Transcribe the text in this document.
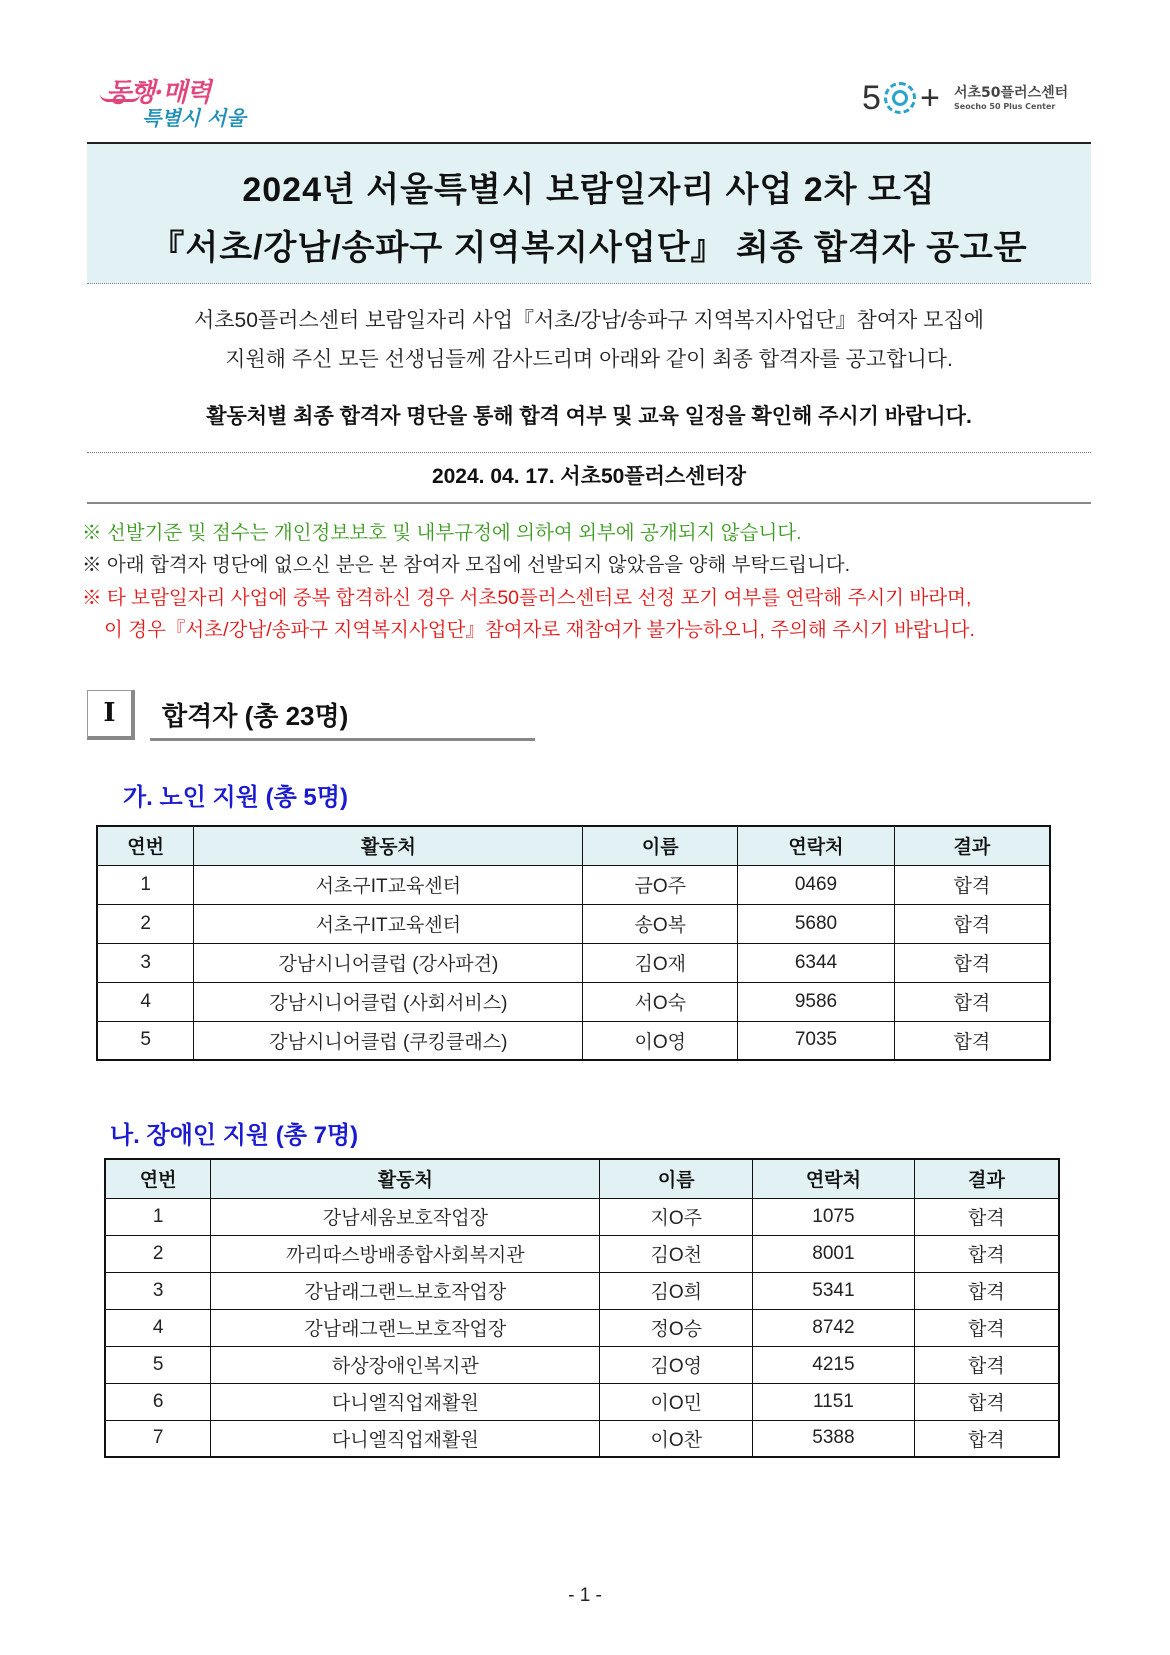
동행·매력
특별시 서울
5 + 서초50플러스센터
Seocho 50 Plus Center
2024년 서울특별시 보람일자리 사업 2차 모집
『서초/강남/송파구 지역복지사업단』 최종 합격자 공고문
서초50플러스센터 보람일자리 사업『서초/강남/송파구 지역복지사업단』참여자 모집에
지원해 주신 모든 선생님들께 감사드리며 아래와 같이 최종 합격자를 공고합니다.
활동처별 최종 합격자 명단을 통해 합격 여부 및 교육 일정을 확인해 주시기 바랍니다.
2024. 04. 17. 서초50플러스센터장
※ 선발기준 및 점수는 개인정보보호 및 내부규정에 의하여 외부에 공개되지 않습니다.
※ 아래 합격자 명단에 없으신 분은 본 참여자 모집에 선발되지 않았음을 양해 부탁드립니다.
※ 타 보람일자리 사업에 중복 합격하신 경우 서초50플러스센터로 선정 포기 여부를 연락해 주시기 바라며,
이 경우『서초/강남/송파구 지역복지사업단』참여자로 재참여가 불가능하오니, 주의해 주시기 바랍니다.
I	합격자 (총 23명)
가. 노인 지원 (총 5명)
연번	활동처	이름	연락처	결과
1	서초구IT교육센터	금O주	0469	합격
2	서초구IT교육센터	송O복	5680	합격
3	강남시니어클럽 (강사파견)	김O재	6344	합격
4	강남시니어클럽 (사회서비스)	서O숙	9586	합격
5	강남시니어클럽 (쿠킹클래스)	이O영	7035	합격
나. 장애인 지원 (총 7명)
연번	활동처	이름	연락처	결과
1	강남세움보호작업장	지O주	1075	합격
2	까리따스방배종합사회복지관	김O천	8001	합격
3	강남래그랜느보호작업장	김O희	5341	합격
4	강남래그랜느보호작업장	정O승	8742	합격
5	하상장애인복지관	김O영	4215	합격
6	다니엘직업재활원	이O민	1151	합격
7	다니엘직업재활원	이O찬	5388	합격
- 1 -
